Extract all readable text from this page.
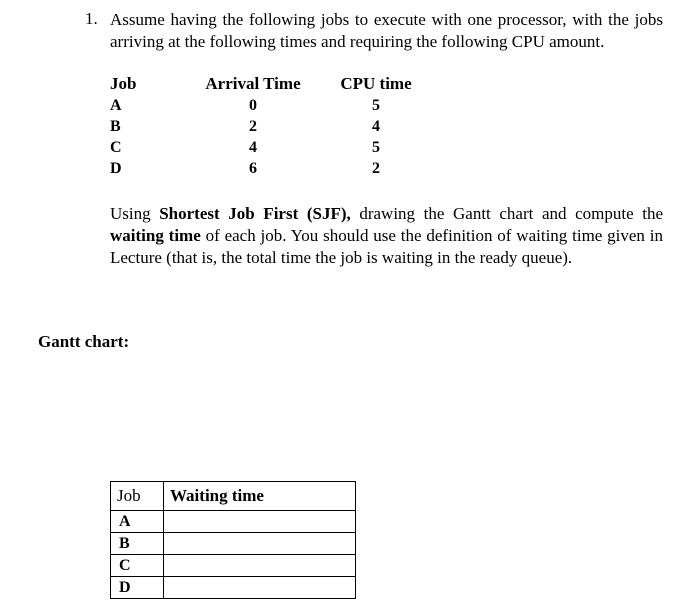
1. Assume having the following jobs to execute with one processor, with the jobs arriving at the following times and requiring the following CPU amount.
Job	Arrival Time	CPU time
A	0	5
B	2	4
C	4	5
D	6	2
Using Shortest Job First (SJF), drawing the Gantt chart and compute the waiting time of each job. You should use the definition of waiting time given in Lecture (that is, the total time the job is waiting in the ready queue).
Gantt chart:
Job	Waiting time
A	
B	
C	
D	
